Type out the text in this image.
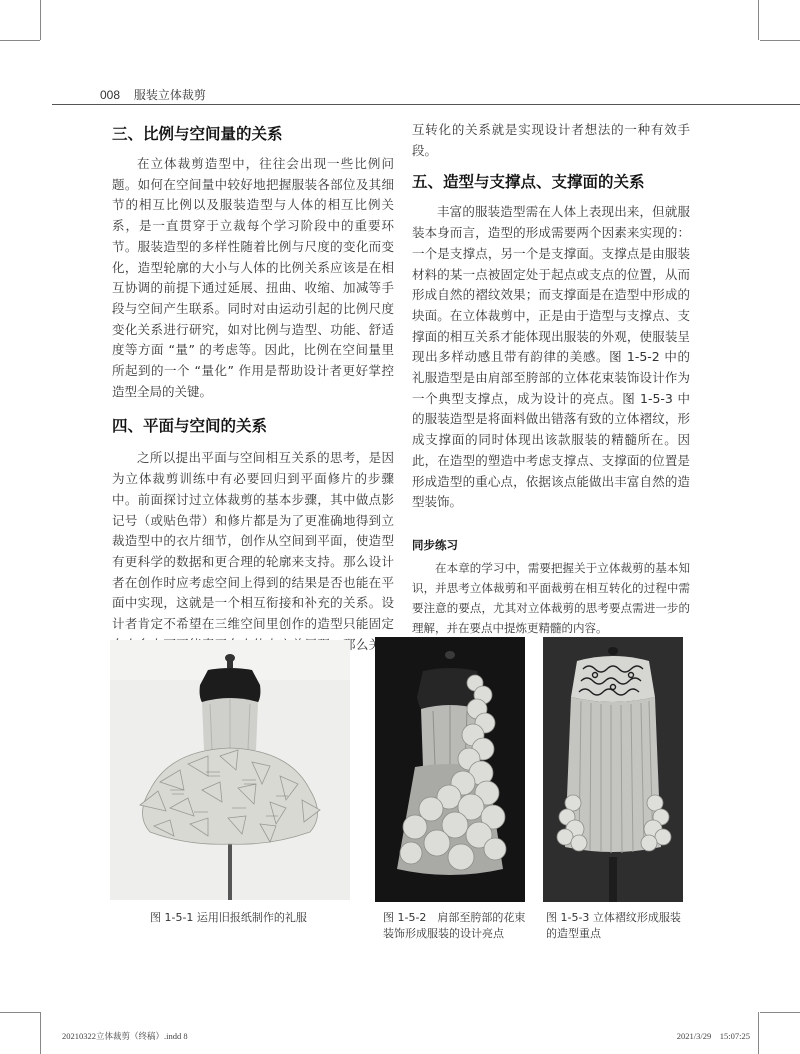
008 服装立体裁剪
三、比例与空间量的关系

在立体裁剪造型中，往往会出现一些比例问题。如何在空间量中较好地把握服装各部位及其细节的相互比例以及服装造型与人体的相互比例关系，是一直贯穿于立裁每个学习阶段中的重要环节。服装造型的多样性随着比例与尺度的变化而变化，造型轮廓的大小与人体的比例关系应该是在相互协调的前提下通过延展、扭曲、收缩、加减等手段与空间产生联系。同时对由运动引起的比例尺度变化关系进行研究，如对比例与造型、功能、舒适度等方面 “量” 的考虑等。因此，比例在空间量里所起到的一个 “量化” 作用是帮助设计者更好掌控造型全局的关键。

四、平面与空间的关系

之所以提出平面与空间相互关系的思考，是因为立体裁剪训练中有必要回归到平面修片的步骤中。前面探讨过立体裁剪的基本步骤，其中做点影记号（或贴色带）和修片都是为了更准确地得到立裁造型中的衣片细节，创作从空间到平面，使造型有更科学的数据和更合理的轮廓来支持。那么设计者在创作时应考虑空间上得到的结果是否也能在平面中实现，这就是一个相互衔接和补充的关系。设计者肯定不希望在三维空间里创作的造型只能固定 ，那么关

互转化的关系就是实现设计者想法的一种有效手段。

五、造型与支撑点、支撑面的关系

丰富的服装造型需在人体上表现出来，但就服装本身而言，造型的形成需要两个因素来实现的：一个是支撑点，另一个是支撑面。支撑点是由服装材料的某一点被固定处于起点或支点的位置，从而形成自然的褶纹效果；而支撑面是在造型中形成的块面。在立体裁剪中，正是由于造型与支撑点、支撑面的相互关系才能体现出服装的外观，使服装呈现出多样动感且带有韵律的美感。图 1-5-2 中的礼服造型是由肩部至胯部的立体花束装饰设计作为一个典型支撑点，成为设计的亮点。图 1-5-3 中的服装造型是将面料做出错落有致的立体褶纹，形成支撑面的同时体现出该款服装的精髓所在。因此，在造型的塑造中考虑支撑点、支撑面的位置是形成造型的重心点，依据该点能做出丰富自然的造型装饰。

同步练习

在本章的学习中，需要把握关于立体裁剪的基本知识，并思考立体裁剪和平面裁剪在相互转化的过程中需要注意的要点，尤其对立体裁剪的思考要点需进一步的理解，并在要点中提炼更精髓的内容。

图 1-5-1 运用旧报纸制作的礼服	图 1-5-2　肩部至胯部的花束装饰形成服装的设计亮点
图 1-5-3 立体褶纹形成服装的造型重点
20210322立体裁剪（终稿）.indd 8	2021/3/29　15:07:25
